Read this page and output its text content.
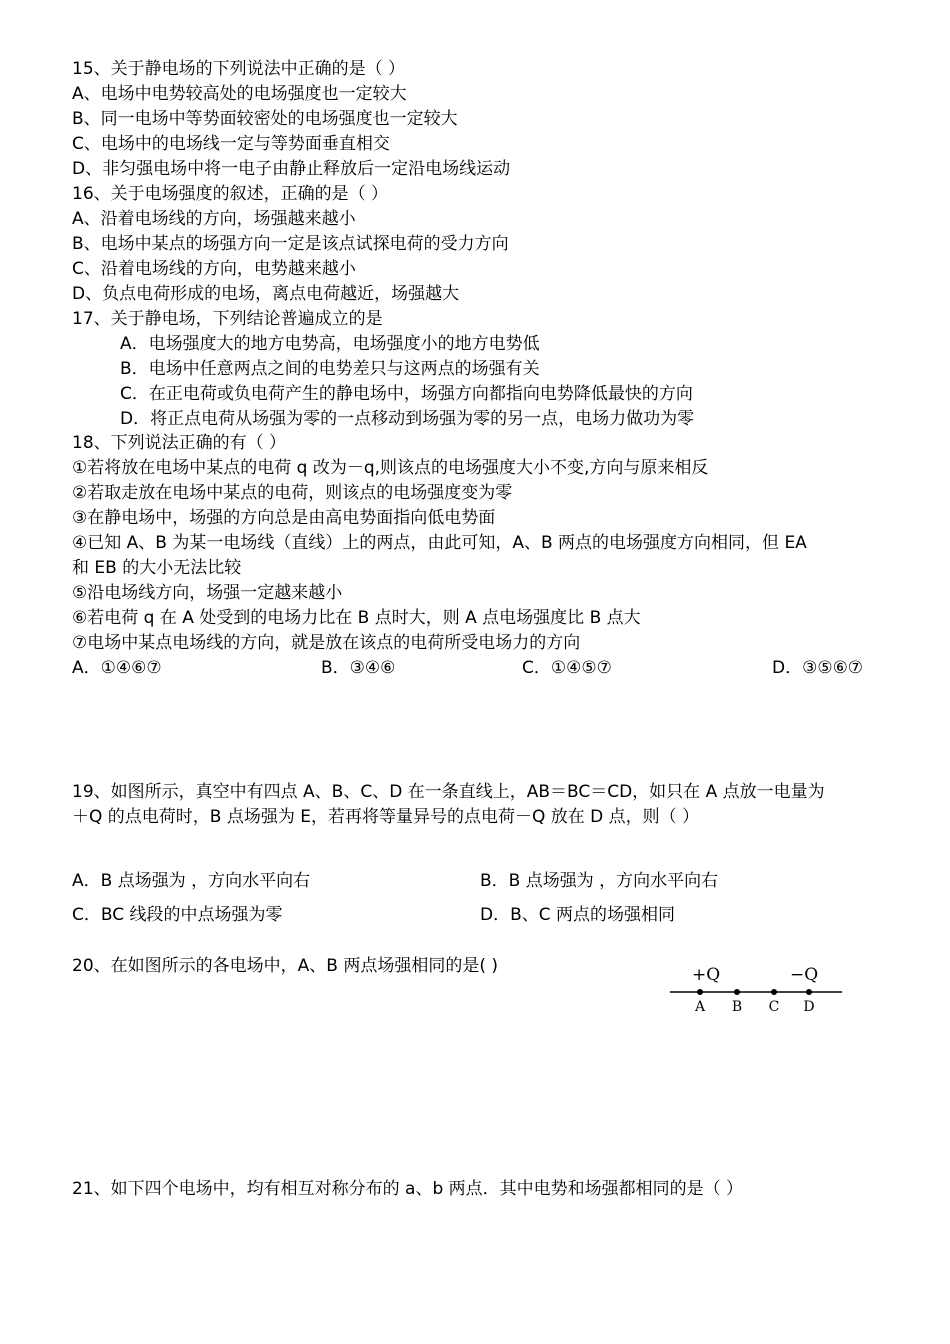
15、关于静电场的下列说法中正确的是（ ）
A、电场中电势较高处的电场强度也一定较大
B、同一电场中等势面较密处的电场强度也一定较大
C、电场中的电场线一定与等势面垂直相交
D、非匀强电场中将一电子由静止释放后一定沿电场线运动
16、关于电场强度的叙述，正确的是（ ）
A、沿着电场线的方向，场强越来越小
B、电场中某点的场强方向一定是该点试探电荷的受力方向
C、沿着电场线的方向，电势越来越小
D、负点电荷形成的电场，离点电荷越近，场强越大
17、关于静电场，下列结论普遍成立的是
A．电场强度大的地方电势高，电场强度小的地方电势低
B．电场中任意两点之间的电势差只与这两点的场强有关
C．在正电荷或负电荷产生的静电场中，场强方向都指向电势降低最快的方向
D．将正点电荷从场强为零的一点移动到场强为零的另一点，电场力做功为零
18、下列说法正确的有（ ）
①若将放在电场中某点的电荷 q 改为－q,则该点的电场强度大小不变,方向与原来相反
②若取走放在电场中某点的电荷，则该点的电场强度变为零
③在静电场中，场强的方向总是由高电势面指向低电势面
④已知 A、B 为某一电场线（直线）上的两点，由此可知，A、B 两点的电场强度方向相同，但 EA
和 EB 的大小无法比较
⑤沿电场线方向，场强一定越来越小
⑥若电荷 q 在 A 处受到的电场力比在 B 点时大，则 A 点电场强度比 B 点大
⑦电场中某点电场线的方向，就是放在该点的电荷所受电场力的方向
A．①④⑥⑦	B．③④⑥	C．①④⑤⑦	D．③⑤⑥⑦
19、如图所示，真空中有四点 A、B、C、D 在一条直线上，AB＝BC＝CD，如只在 A 点放一电量为
＋Q 的点电荷时，B 点场强为 E，若再将等量异号的点电荷－Q 放在 D 点，则（ ）
A．B 点场强为 ，方向水平向右	B．B 点场强为 ，方向水平向右
C．BC 线段的中点场强为零	D．B、C 两点的场强相同
20、在如图所示的各电场中，A、B 两点场强相同的是( )	+Q	−Q
A B C D
21、如下四个电场中，均有相互对称分布的 a、b 两点．其中电势和场强都相同的是（ ）
